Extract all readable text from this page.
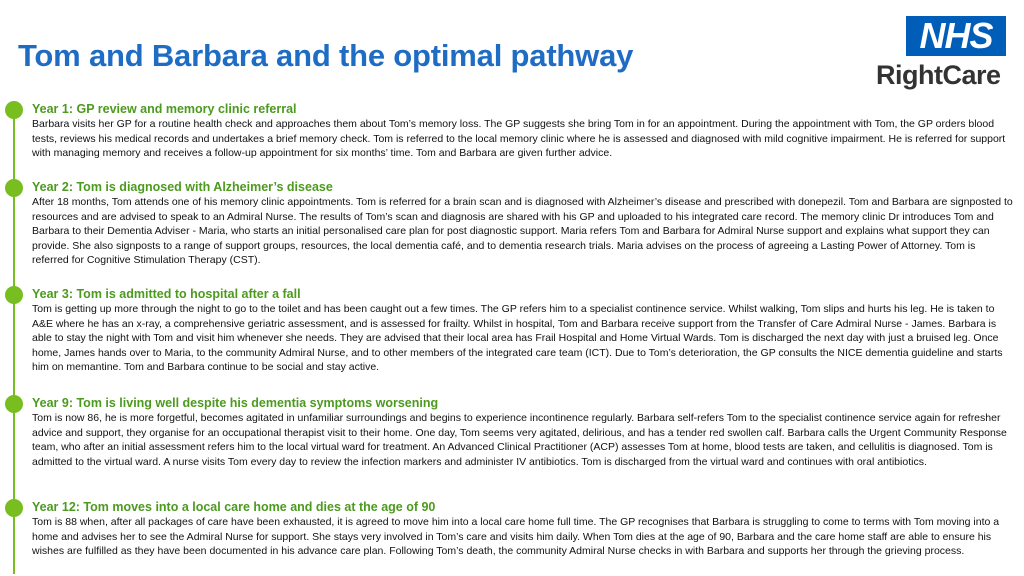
Tom and Barbara and the optimal pathway	NHS
RightCare
Year 1: GP review and memory clinic referral

Barbara visits her GP for a routine health check and approaches them about Tom’s memory loss. The GP suggests she bring Tom in for an appointment. During the appointment with Tom, the GP orders blood tests, reviews his medical records and undertakes a brief memory check. Tom is referred to the local memory clinic where he is assessed and diagnosed with mild cognitive impairment. He is referred for support with managing memory and receives a follow-up appointment for six months’ time. Tom and Barbara are given further advice.

Year 2: Tom is diagnosed with Alzheimer’s disease

After 18 months, Tom attends one of his memory clinic appointments. Tom is referred for a brain scan and is diagnosed with Alzheimer’s disease and prescribed with donepezil. Tom and Barbara are signposted to resources and are advised to speak to an Admiral Nurse. The results of Tom’s scan and diagnosis are shared with his GP and uploaded to his integrated care record. The memory clinic Dr introduces Tom and Barbara to their Dementia Adviser - Maria, who starts an initial personalised care plan for post diagnostic support. Maria refers Tom and Barbara for Admiral Nurse support and explains what support they can provide. She also signposts to a range of support groups, resources, the local dementia café, and to dementia research trials. Maria advises on the process of agreeing a Lasting Power of Attorney. Tom is referred for Cognitive Stimulation Therapy (CST).

Year 3: Tom is admitted to hospital after a fall

Tom is getting up more through the night to go to the toilet and has been caught out a few times. The GP refers him to a specialist continence service. Whilst walking, Tom slips and hurts his leg. He is taken to A&E where he has an x-ray, a comprehensive geriatric assessment, and is assessed for frailty. Whilst in hospital, Tom and Barbara receive support from the Transfer of Care Admiral Nurse - James. Barbara is able to stay the night with Tom and visit him whenever she needs. They are advised that their local area has Frail Hospital and Home Virtual Wards. Tom is discharged the next day with just a bruised leg. Once home, James hands over to Maria, to the community Admiral Nurse, and to other members of the integrated care team (ICT). Due to Tom’s deterioration, the GP consults the NICE dementia guideline and starts him on memantine. Tom and Barbara continue to be social and stay active.

Year 9: Tom is living well despite his dementia symptoms worsening

Tom is now 86, he is more forgetful, becomes agitated in unfamiliar surroundings and begins to experience incontinence regularly. Barbara self-refers Tom to the specialist continence service again for refresher advice and support, they organise for an occupational therapist visit to their home. One day, Tom seems very agitated, delirious, and has a tender red swollen calf. Barbara calls the Urgent Community Response team, who after an initial assessment refers him to the local virtual ward for treatment. An Advanced Clinical Practitioner (ACP) assesses Tom at home, blood tests are taken, and cellulitis is diagnosed. Tom is admitted to the virtual ward. A nurse visits Tom every day to review the infection markers and administer IV antibiotics. Tom is discharged from the virtual ward and continues with oral antibiotics.

Year 12: Tom moves into a local care home and dies at the age of 90

Tom is 88 when, after all packages of care have been exhausted, it is agreed to move him into a local care home full time. The GP recognises that Barbara is struggling to come to terms with Tom moving into a home and advises her to see the Admiral Nurse for support. She stays very involved in Tom’s care and visits him daily. When Tom dies at the age of 90, Barbara and the care home staff are able to ensure his wishes are fulfilled as they have been documented in his advance care plan. Following Tom’s death, the community Admiral Nurse checks in with Barbara and supports her through the grieving process.
